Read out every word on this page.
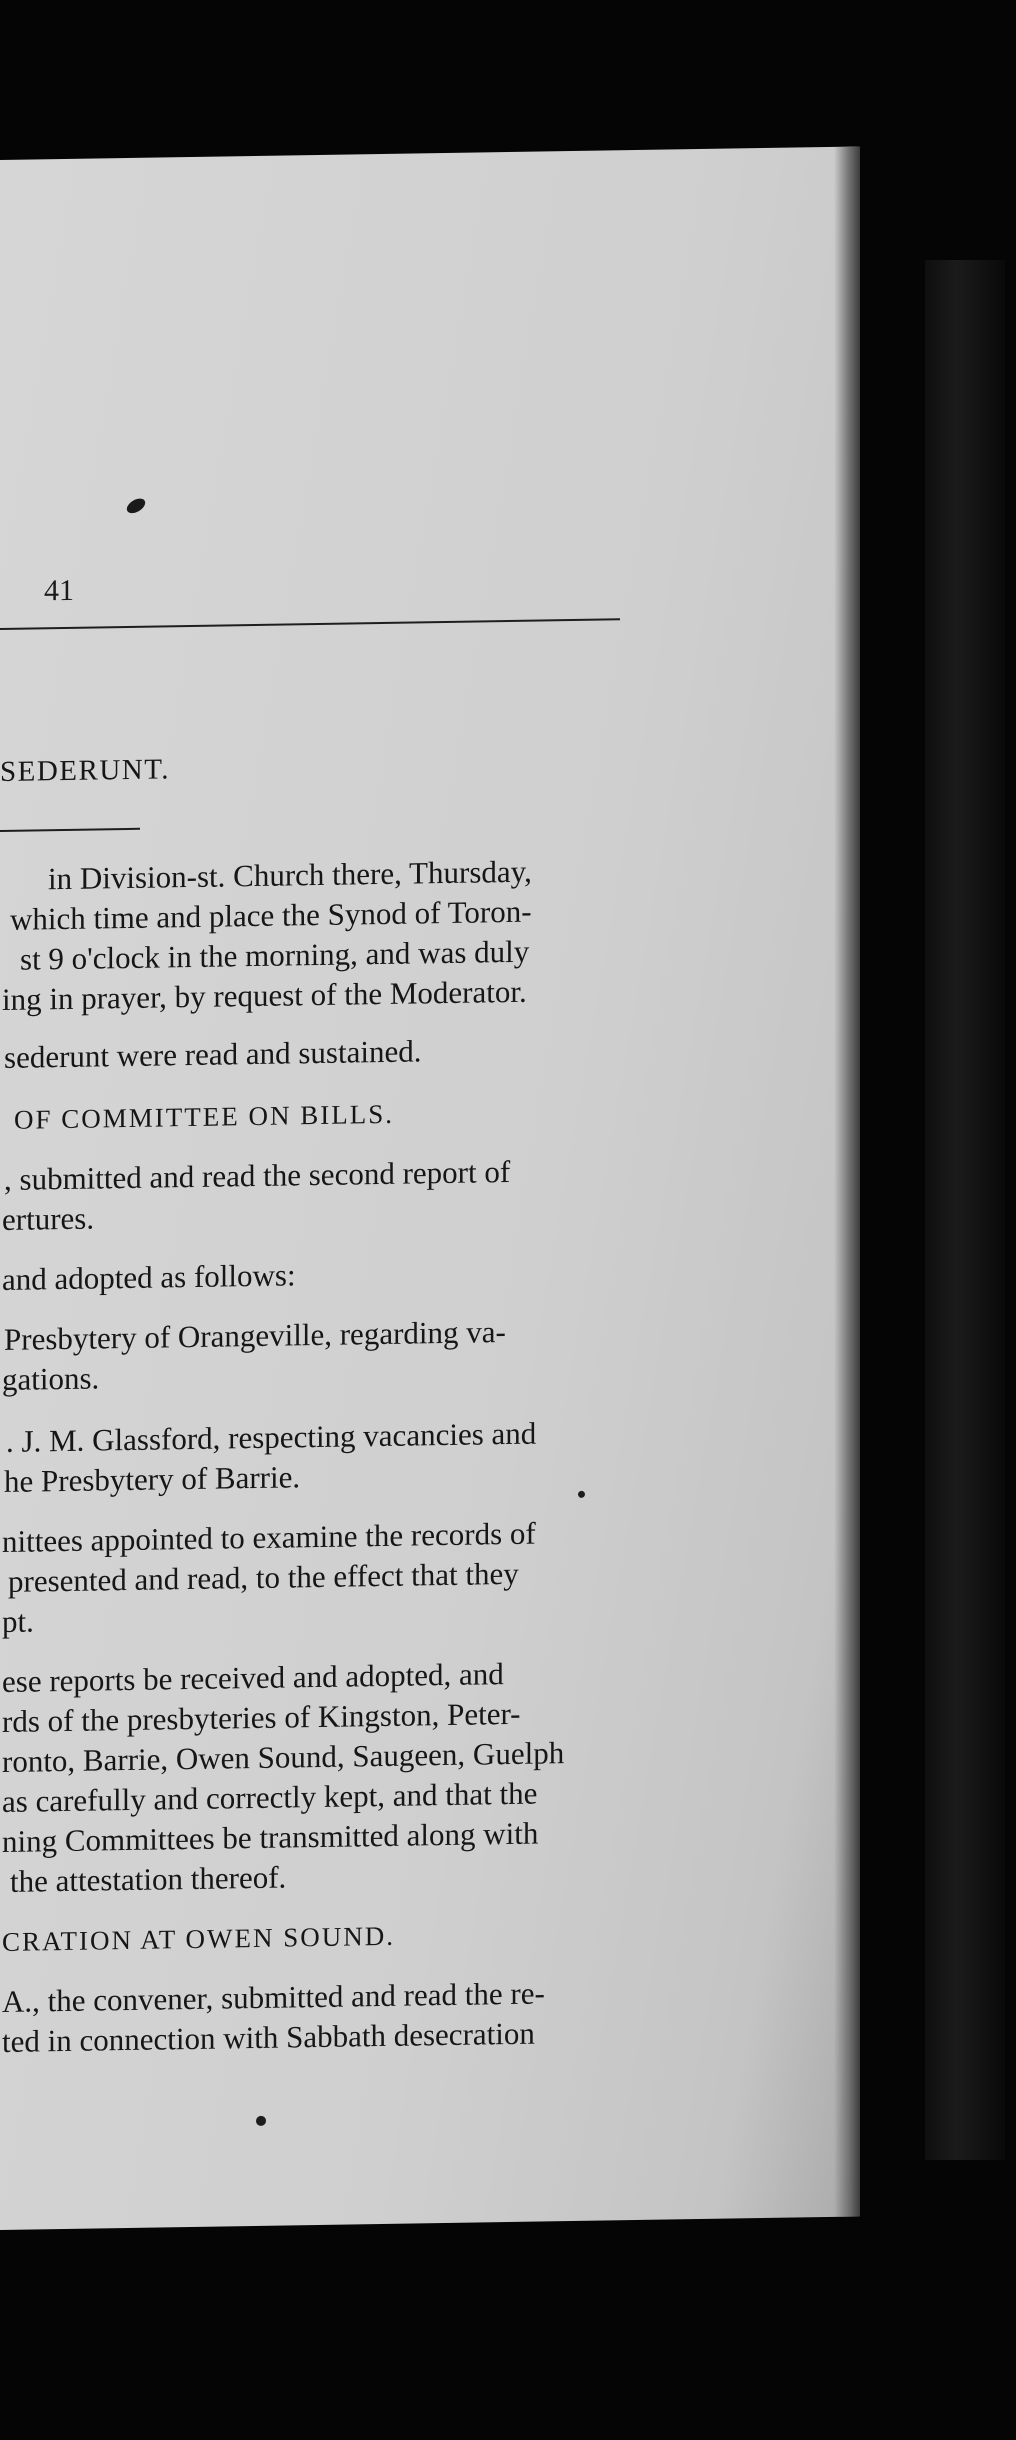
41
SEDERUNT.
in Division-st. Church there, Thursday,
which time and place the Synod of Toron-
st 9 o'clock in the morning, and was duly
ing in prayer, by request of the Moderator.
sederunt were read and sustained.
OF COMMITTEE ON BILLS.
, submitted and read the second report of
ertures.
and adopted as follows:
Presbytery of Orangeville, regarding va-
gations.
. J. M. Glassford, respecting vacancies and
he Presbytery of Barrie.
nittees appointed to examine the records of
presented and read, to the effect that they
pt.
ese reports be received and adopted, and
rds of the presbyteries of Kingston, Peter-
ronto, Barrie, Owen Sound, Saugeen, Guelph
as carefully and correctly kept, and that the
ning Committees be transmitted along with
the attestation thereof.
CRATION AT OWEN SOUND.
A., the convener, submitted and read the re-
ted in connection with Sabbath desecration
